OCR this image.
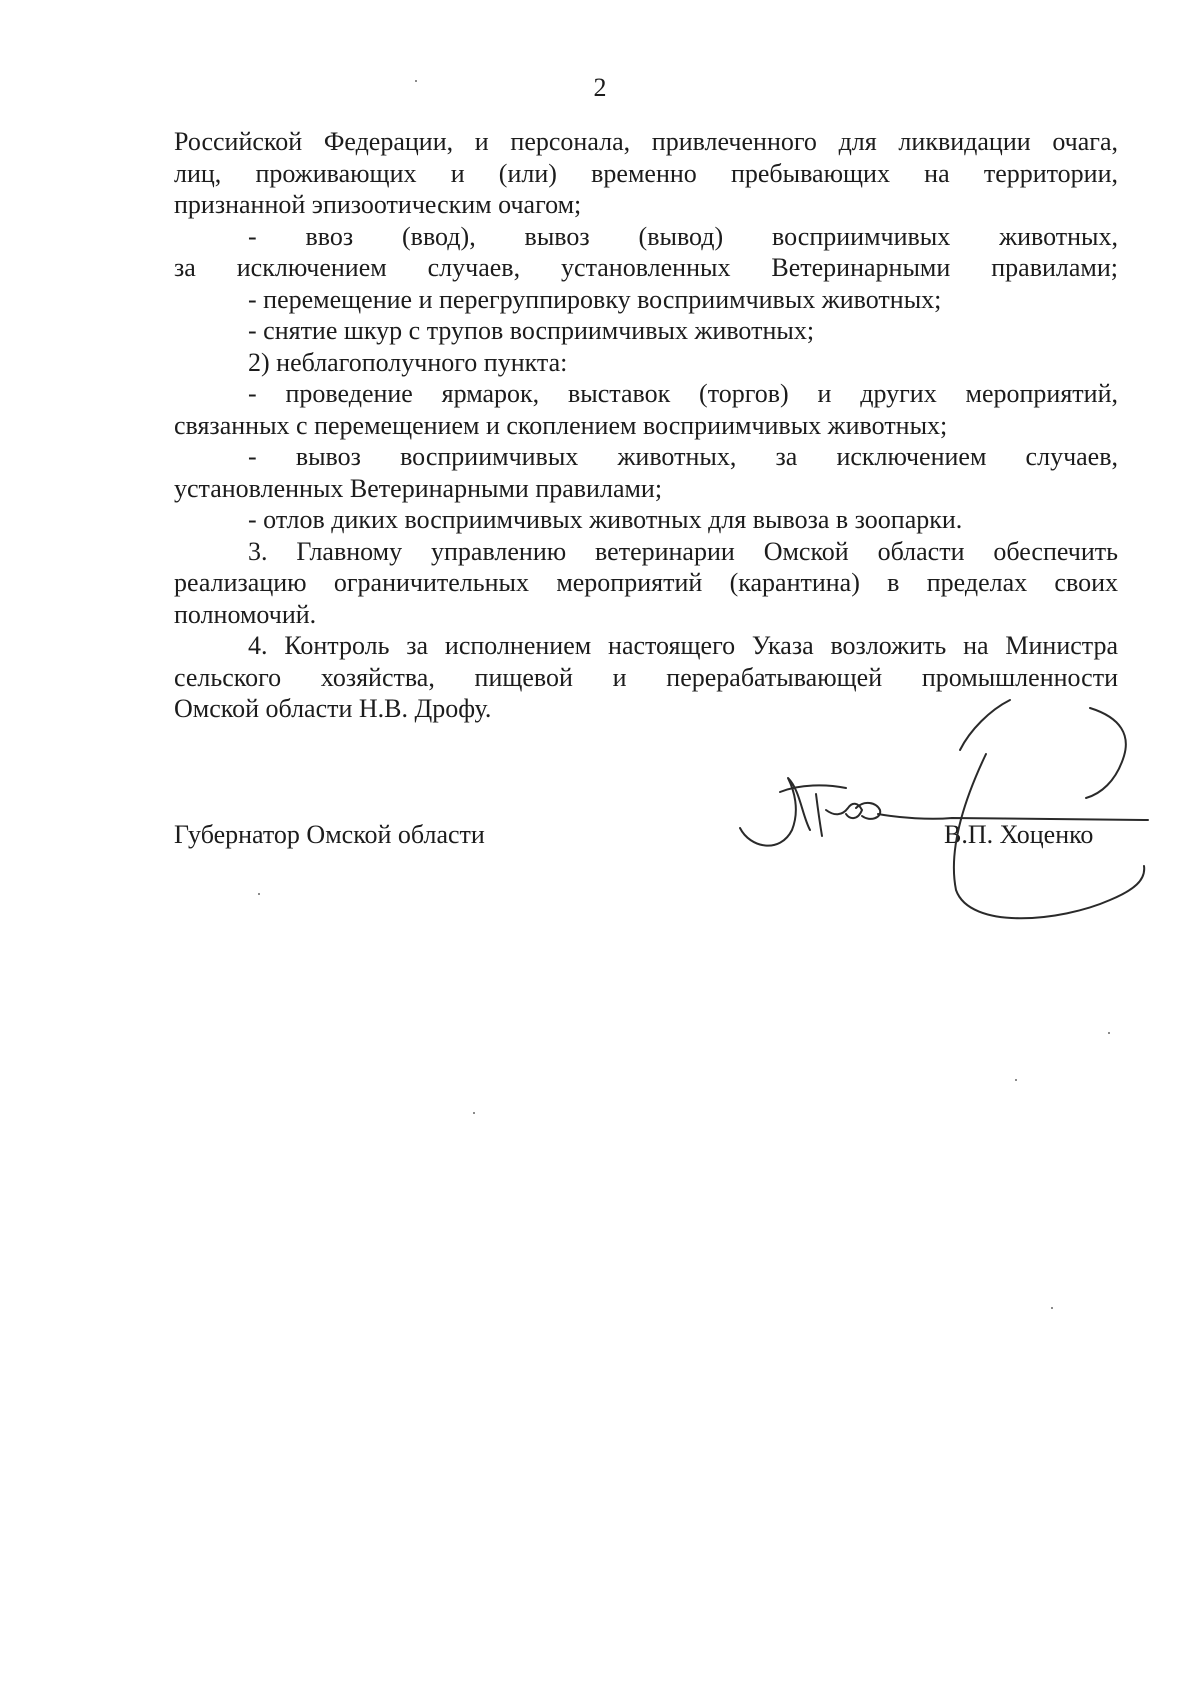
2
Российской Федерации, и персонала, привлеченного для ликвидации очага,
лиц, проживающих и (или) временно пребывающих на территории,
признанной эпизоотическим очагом;
- ввоз (ввод), вывоз (вывод) восприимчивых животных,
за исключением случаев, установленных Ветеринарными правилами;
- перемещение и перегруппировку восприимчивых животных;
- снятие шкур с трупов восприимчивых животных;
2) неблагополучного пункта:
- проведение ярмарок, выставок (торгов) и других мероприятий,
связанных с перемещением и скоплением восприимчивых животных;
- вывоз восприимчивых животных, за исключением случаев,
установленных Ветеринарными правилами;
- отлов диких восприимчивых животных для вывоза в зоопарки.
3. Главному управлению ветеринарии Омской области обеспечить
реализацию ограничительных мероприятий (карантина) в пределах своих
полномочий.
4. Контроль за исполнением настоящего Указа возложить на Министра
сельского хозяйства, пищевой и перерабатывающей промышленности
Омской области Н.В. Дрофу.
Губернатор Омской области	В.П. Хоценко
